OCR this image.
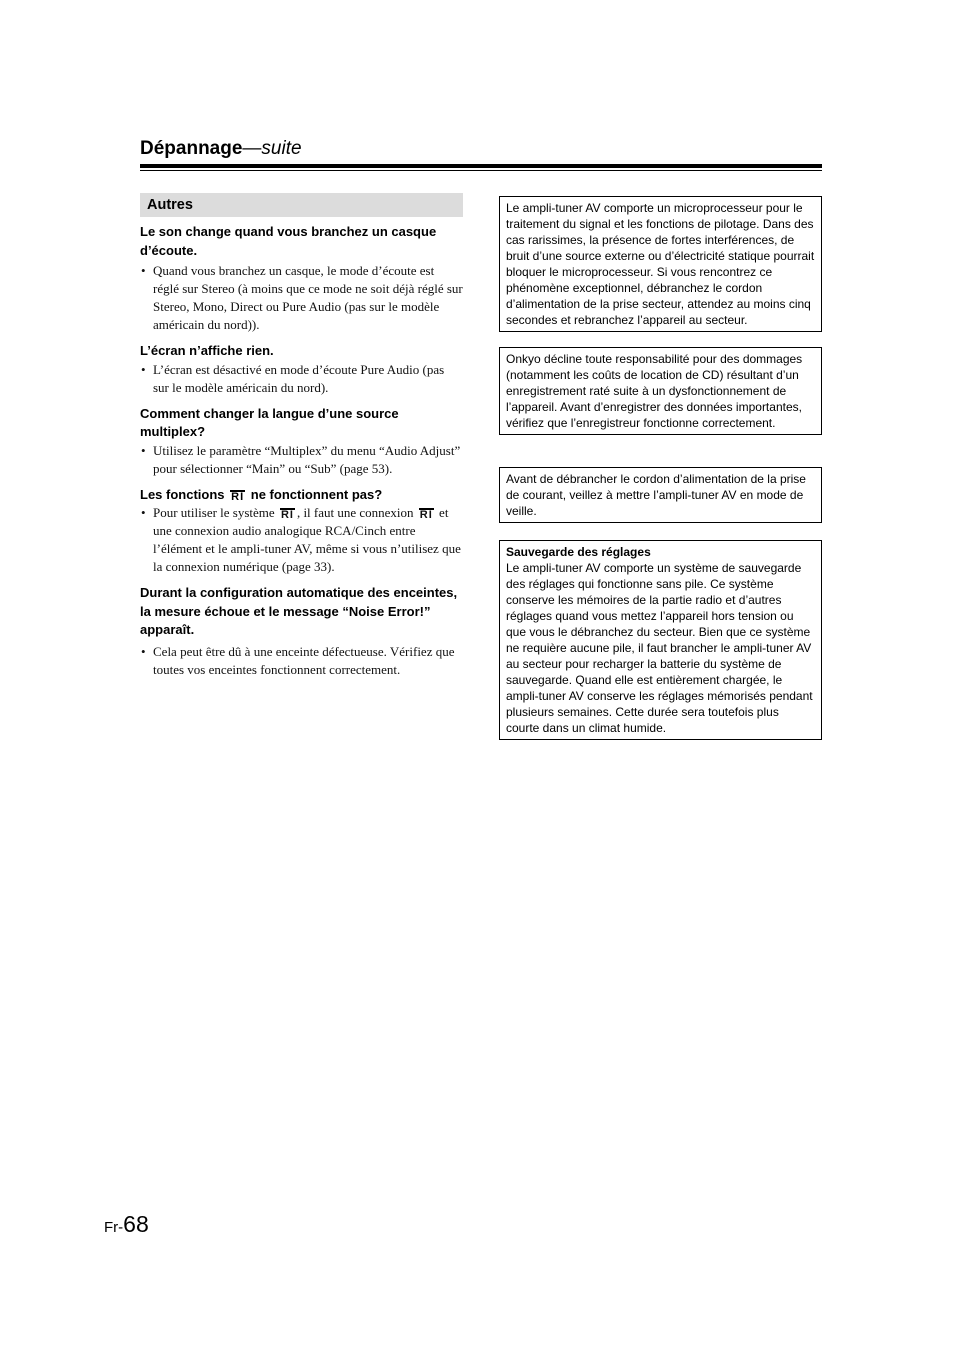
Dépannage—suite
Autres

Le son change quand vous branchez un casque d’écoute.

• Quand vous branchez un casque, le mode d’écoute est réglé sur Stereo (à moins que ce mode ne soit déjà réglé sur Stereo, Mono, Direct ou Pure Audio (pas sur le modèle américain du nord)).

L’écran n’affiche rien.

• L’écran est désactivé en mode d’écoute Pure Audio (pas sur le modèle américain du nord).

Comment changer la langue d’une source multiplex?

• Utilisez le paramètre “Multiplex” du menu “Audio Adjust” pour sélectionner “Main” ou “Sub” (page 53).

Les fonctions RI ne fonctionnent pas?

• Pour utiliser le système RI , il faut une connexion RI et une connexion audio analogique RCA/Cinch entre l’élément et le ampli-tuner AV, même si vous n’utilisez que la connexion numérique (page 33).

Durant la configuration automatique des enceintes, la mesure échoue et le message “Noise Error!” apparaît.

• Cela peut être dû à une enceinte défectueuse. Vérifiez que toutes vos enceintes fonctionnent correctement.

Le ampli-tuner AV comporte un microprocesseur pour le traitement du signal et les fonctions de pilotage. Dans des cas rarissimes, la présence de fortes interférences, de bruit d’une source externe ou d’électricité statique pourrait bloquer le microprocesseur. Si vous rencontrez ce phénomène exceptionnel, débranchez le cordon d’alimentation de la prise secteur, attendez au moins cinq secondes et rebranchez l’appareil au secteur.
Onkyo décline toute responsabilité pour des dommages (notamment les coûts de location de CD) résultant d’un enregistrement raté suite à un dysfonctionnement de l’appareil. Avant d’enregistrer des données importantes, vérifiez que l’enregistreur fonctionne correctement.
Avant de débrancher le cordon d’alimentation de la prise de courant, veillez à mettre l’ampli-tuner AV en mode de veille.
Sauvegarde des réglages
Le ampli-tuner AV comporte un système de sauvegarde des réglages qui fonctionne sans pile. Ce système conserve les mémoires de la partie radio et d’autres réglages quand vous mettez l’appareil hors tension ou que vous le débranchez du secteur. Bien que ce système ne requière aucune pile, il faut brancher le ampli-tuner AV au secteur pour recharger la batterie du système de sauvegarde. Quand elle est entièrement chargée, le ampli-tuner AV conserve les réglages mémorisés pendant plusieurs semaines. Cette durée sera toutefois plus courte dans un climat humide.
Fr-68
